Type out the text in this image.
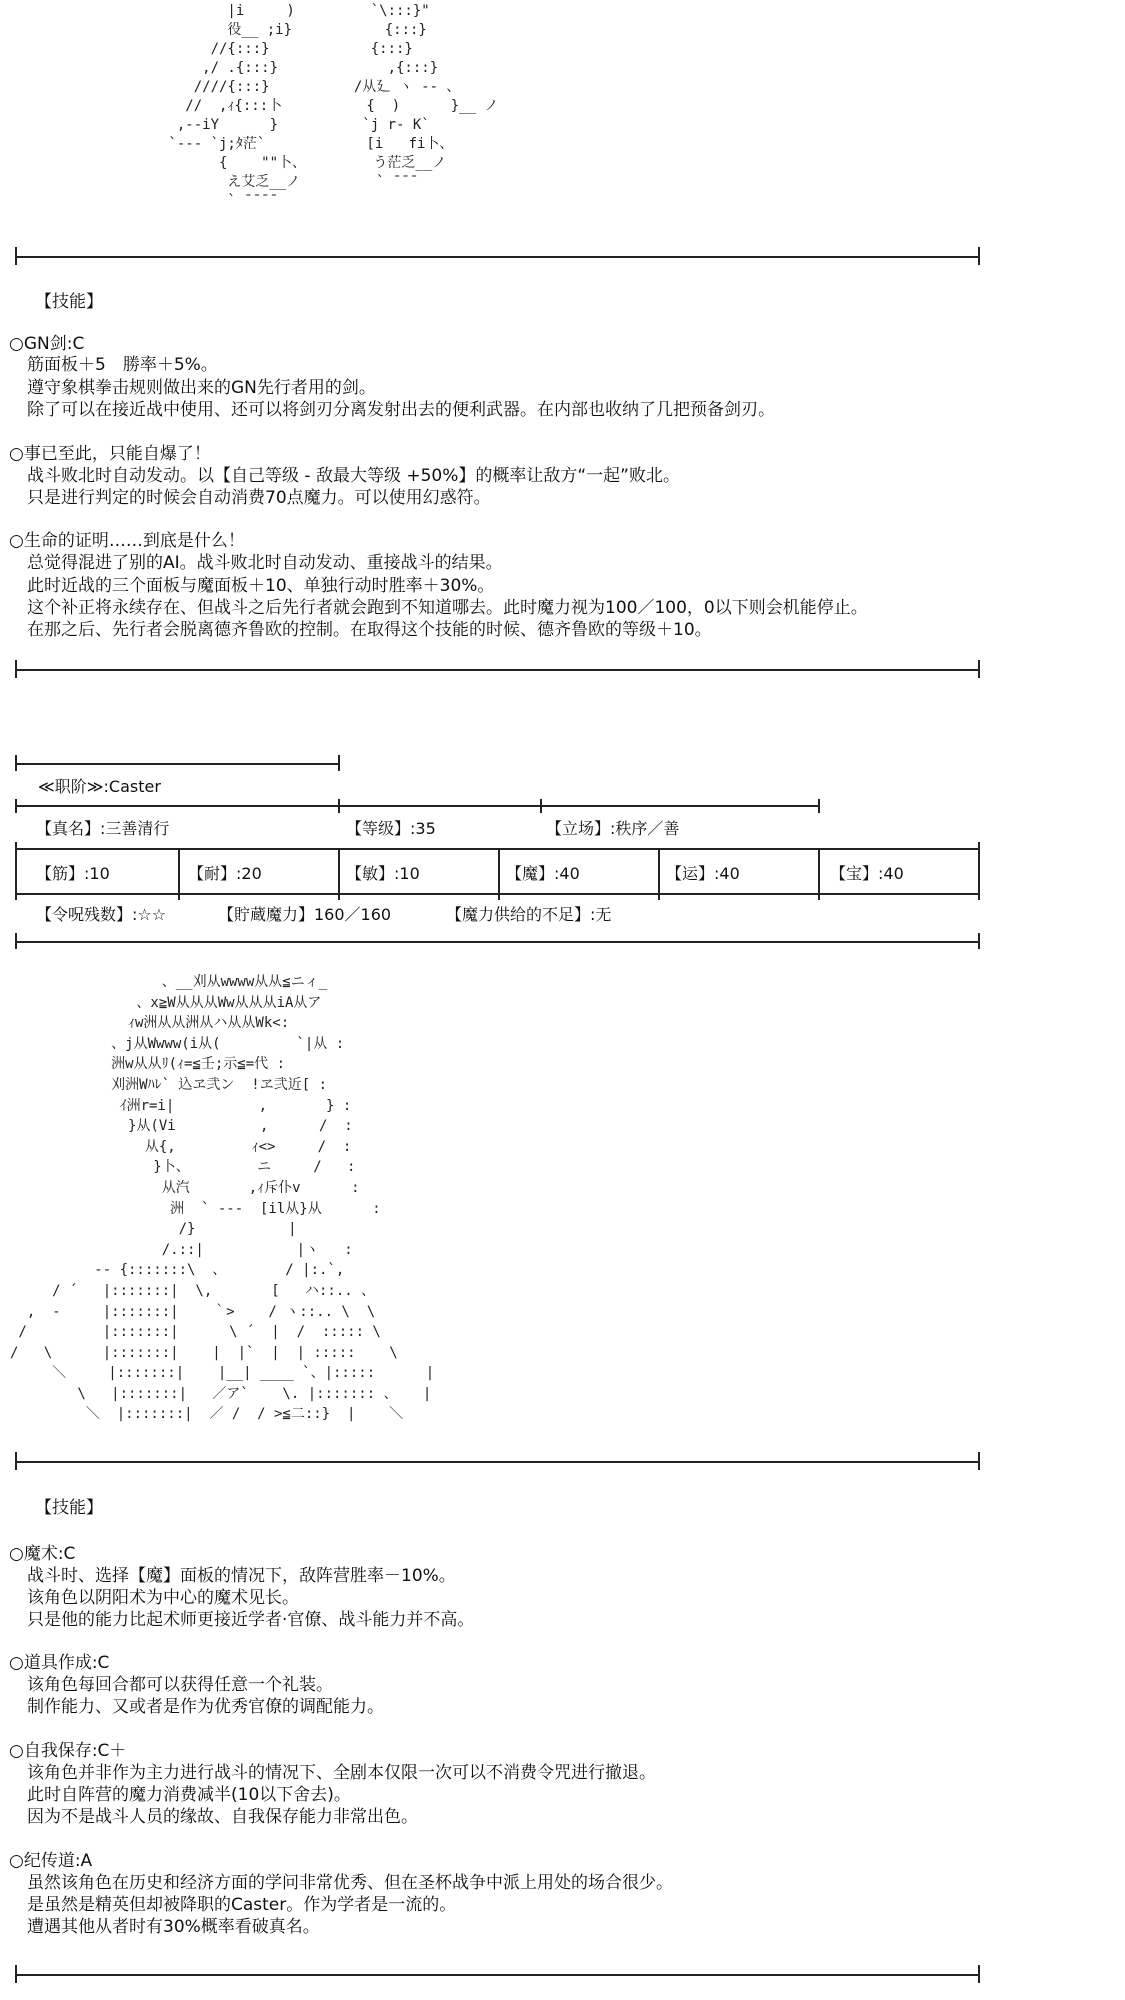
|i     )         `\:::}"
役__ ;i}           {:::}
//{:::}            {:::}
,/ .{:::}             ,{:::}
////{:::}          /从廴 ヽ -- 、
//  ,ｨ{:::卜          {  )      }__ ノ
,--iY      }          `j r- K`
`--- `j;ﾀ茫`            [i   fi卜、
{    ""卜、        う茫乏__ノ
え艾乏__ノ         ` ̄ ̄ ̄
` ̄ ̄ ̄ ̄
【技能】
○GN剑:C
筋面板＋5　勝率＋5%。
遵守象棋拳击规则做出来的GN先行者用的剑。
除了可以在接近战中使用、还可以将剑刃分离发射出去的便利武器。在内部也收纳了几把预备剑刃。
○事已至此，只能自爆了！
战斗败北时自动发动。以【自己等级 - 敌最大等级 +50%】的概率让敌方“一起”败北。
只是进行判定的时候会自动消费70点魔力。可以使用幻惑符。
○生命的证明……到底是什么！
总觉得混进了别的AI。战斗败北时自动发动、重接战斗的结果。
此时近战的三个面板与魔面板＋10、单独行动时胜率＋30%。
这个补正将永续存在、但战斗之后先行者就会跑到不知道哪去。此时魔力视为100／100，0以下则会机能停止。
在那之后、先行者会脱离德齐鲁欧的控制。在取得这个技能的时候、德齐鲁欧的等级＋10。
≪职阶≫:Caster
【真名】:三善清行	【等级】:35	【立场】:秩序／善
【筋】:10	【耐】:20	【敏】:10	【魔】:40	【运】:40	【宝】:40
【令呪残数】:☆☆	【貯蔵魔力】160／160	【魔力供给的不足】:无
、__刈从wwww从从≦ニィ_
、x≧W从从从Ww从从从iA从ア
ｨw洲从从洲从ハ从从Wk<:
、j从Wwww(i从(         `|从 :
洲w从从ﾘ(ｨ=≦壬;示≦=代 :
刈洲Wﾊﾚ` 込ヱ弐ン  !ヱ弐近[ :
ｲ洲r=i|          ,       } :
}从(Vi          ,      /  :
从{,         ｨ<>     /  :
}卜、        ニ     /   :
从汽       ,ｨ斥仆v      :
洲  ` ---  [il从}从      :
/}           |
/.::|           |ヽ   :
-- {:::::::\  、       / |:.`,
/ ´   |:::::::|  \,       [   ハ::.. 、
,  -     |:::::::|    ｀>    / ヽ::.. \  \
/         |:::::::|      \ ´  |  /  ::::: \
/   \      |:::::::|    |  |`  |  | :::::    \
＼     |:::::::|    |__| ____ `、|:::::      |
\   |:::::::|   ／ア`    \. |::::::: 、   |
＼  |:::::::|  ／ /  / >≦二::}  |    ＼
【技能】
○魔术:C
战斗时、选择【魔】面板的情况下，敌阵营胜率－10%。
该角色以阴阳术为中心的魔术见长。
只是他的能力比起术师更接近学者·官僚、战斗能力并不高。
○道具作成:C
该角色每回合都可以获得任意一个礼装。
制作能力、又或者是作为优秀官僚的调配能力。
○自我保存:C＋
该角色并非作为主力进行战斗的情况下、全剧本仅限一次可以不消费令咒进行撤退。
此时自阵营的魔力消费减半(10以下舍去)。
因为不是战斗人员的缘故、自我保存能力非常出色。
○纪传道:A
虽然该角色在历史和经济方面的学问非常优秀、但在圣杯战争中派上用处的场合很少。
是虽然是精英但却被降职的Caster。作为学者是一流的。
遭遇其他从者时有30%概率看破真名。
